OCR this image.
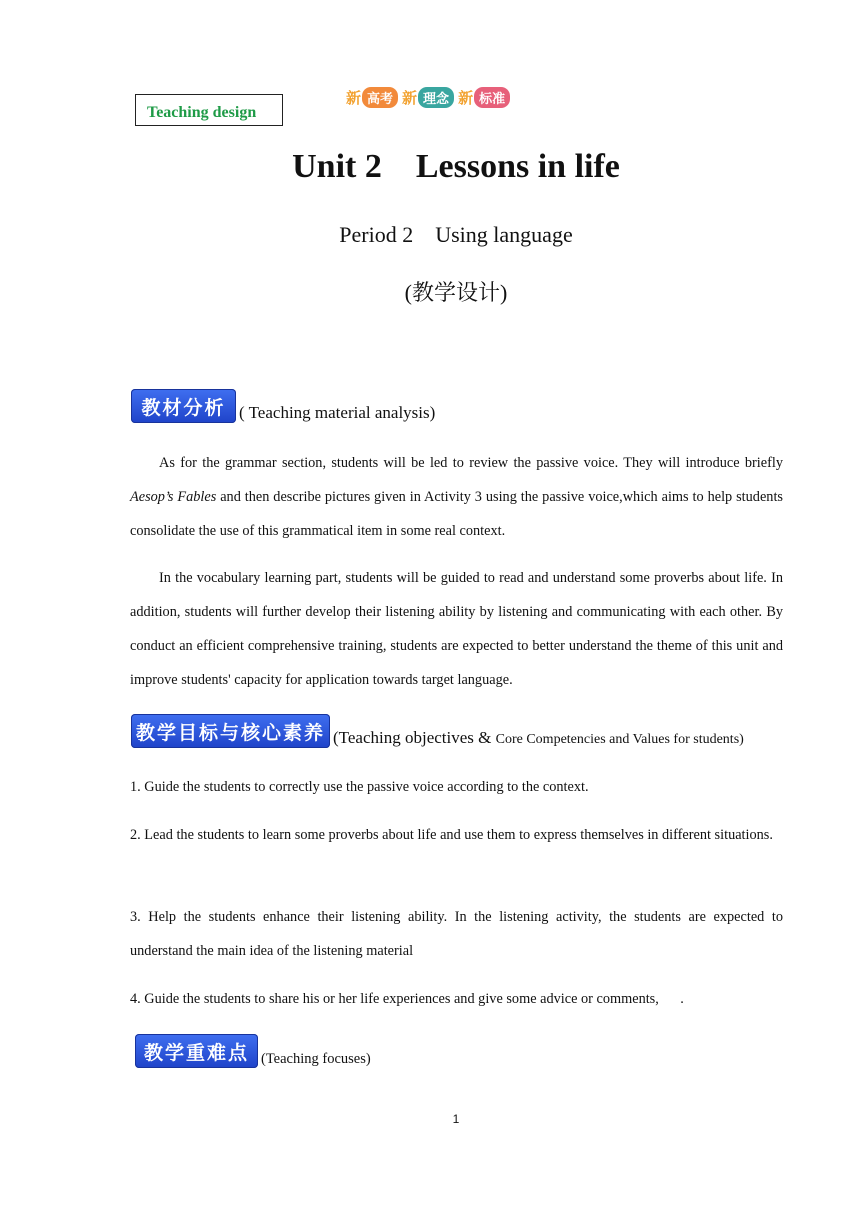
Teaching design
新 高考 新 理念 新 标准
Unit 2    Lessons in life
Period 2    Using language
(教学设计)
教材分析 ( Teaching material analysis)

As for the grammar section, students will be led to review the passive voice. They will introduce briefly Aesop’s Fables and then describe pictures given in Activity 3 using the passive voice,which aims to help students consolidate the use of this grammatical item in some real context.

In the vocabulary learning part, students will be guided to read and understand some proverbs about life. In addition, students will further develop their listening ability by listening and communicating with each other. By conduct an efficient comprehensive training, students are expected to better understand the theme of this unit and improve students' capacity for application towards target language.

教学目标与核心素养 (Teaching objectives & Core Competencies and Values for students)

1. Guide the students to correctly use the passive voice according to the context.

2. Lead the students to learn some proverbs about life and use them to express themselves in different situations.

3. Help the students enhance their listening ability. In the listening activity, the students are expected to understand the main idea of the listening material

4. Guide the students to share his or her life experiences and give some advice or comments,      .

教学重难点 (Teaching focuses)
1
